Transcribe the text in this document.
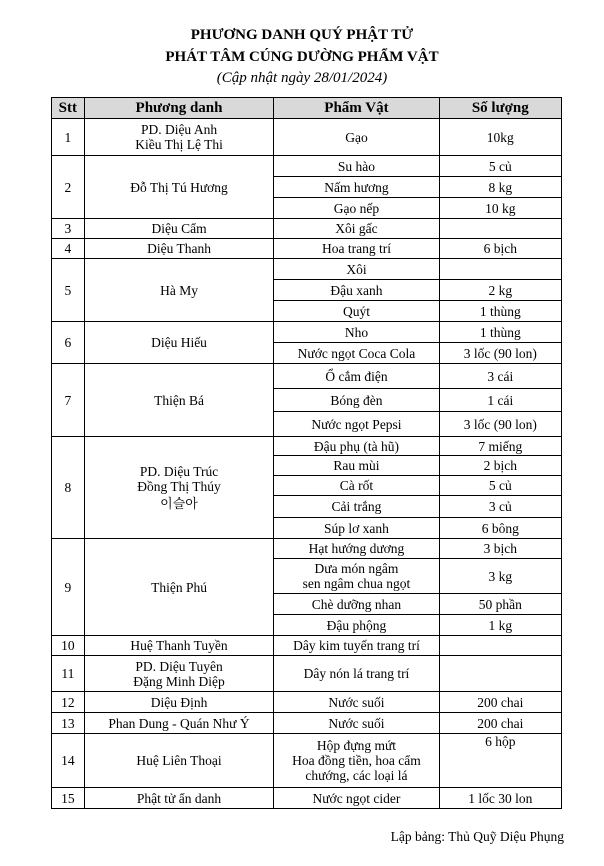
PHƯƠNG DANH QUÝ PHẬT TỬ
PHÁT TÂM CÚNG DƯỜNG PHẨM VẬT
(Cập nhật ngày 28/01/2024)
Stt	Phương danh	Phẩm Vật	Số lượng
1	PD. Diệu Anh
Kiều Thị Lệ Thi	Gạo	10kg
2	Đỗ Thị Tú Hương	Su hào	5 củ
		Nấm hương	8 kg
		Gạo nếp	10 kg
3	Diệu Cẩm	Xôi gấc	
4	Diệu Thanh	Hoa trang trí	6 bịch
5	Hà My	Xôi	
		Đậu xanh	2 kg
		Quýt	1 thùng
6	Diệu Hiếu	Nho	1 thùng
		Nước ngọt Coca Cola	3 lốc (90 lon)
7	Thiện Bá	Ổ cắm điện	3 cái
		Bóng đèn	1 cái
		Nước ngọt Pepsi	3 lốc (90 lon)
8	PD. Diệu Trúc
Đồng Thị Thúy
이슬아	Đậu phụ (tà hũ)	7 miếng
		Rau mùi	2 bịch
		Cà rốt	5 củ
		Cải trắng	3 củ
		Súp lơ xanh	6 bông
9	Thiện Phú	Hạt hướng dương	3 bịch
		Dưa món ngâm
sen ngâm chua ngọt	3 kg
		Chè dưỡng nhan	50 phần
		Đậu phộng	1 kg
10	Huệ Thanh Tuyền	Dây kim tuyến trang trí	
11	PD. Diệu Tuyên
Đặng Minh Diệp	Dây nón lá trang trí	
12	Diệu Định	Nước suối	200 chai
13	Phan Dung - Quán Như Ý	Nước suối	200 chai
14	Huệ Liên Thoại	Hộp đựng mứt
Hoa đồng tiền, hoa cẩm
chướng, các loại lá	6 hộp
15	Phật tử ẩn danh	Nước ngọt cider	1 lốc 30 lon
Lập bảng: Thủ Quỹ Diệu Phụng
